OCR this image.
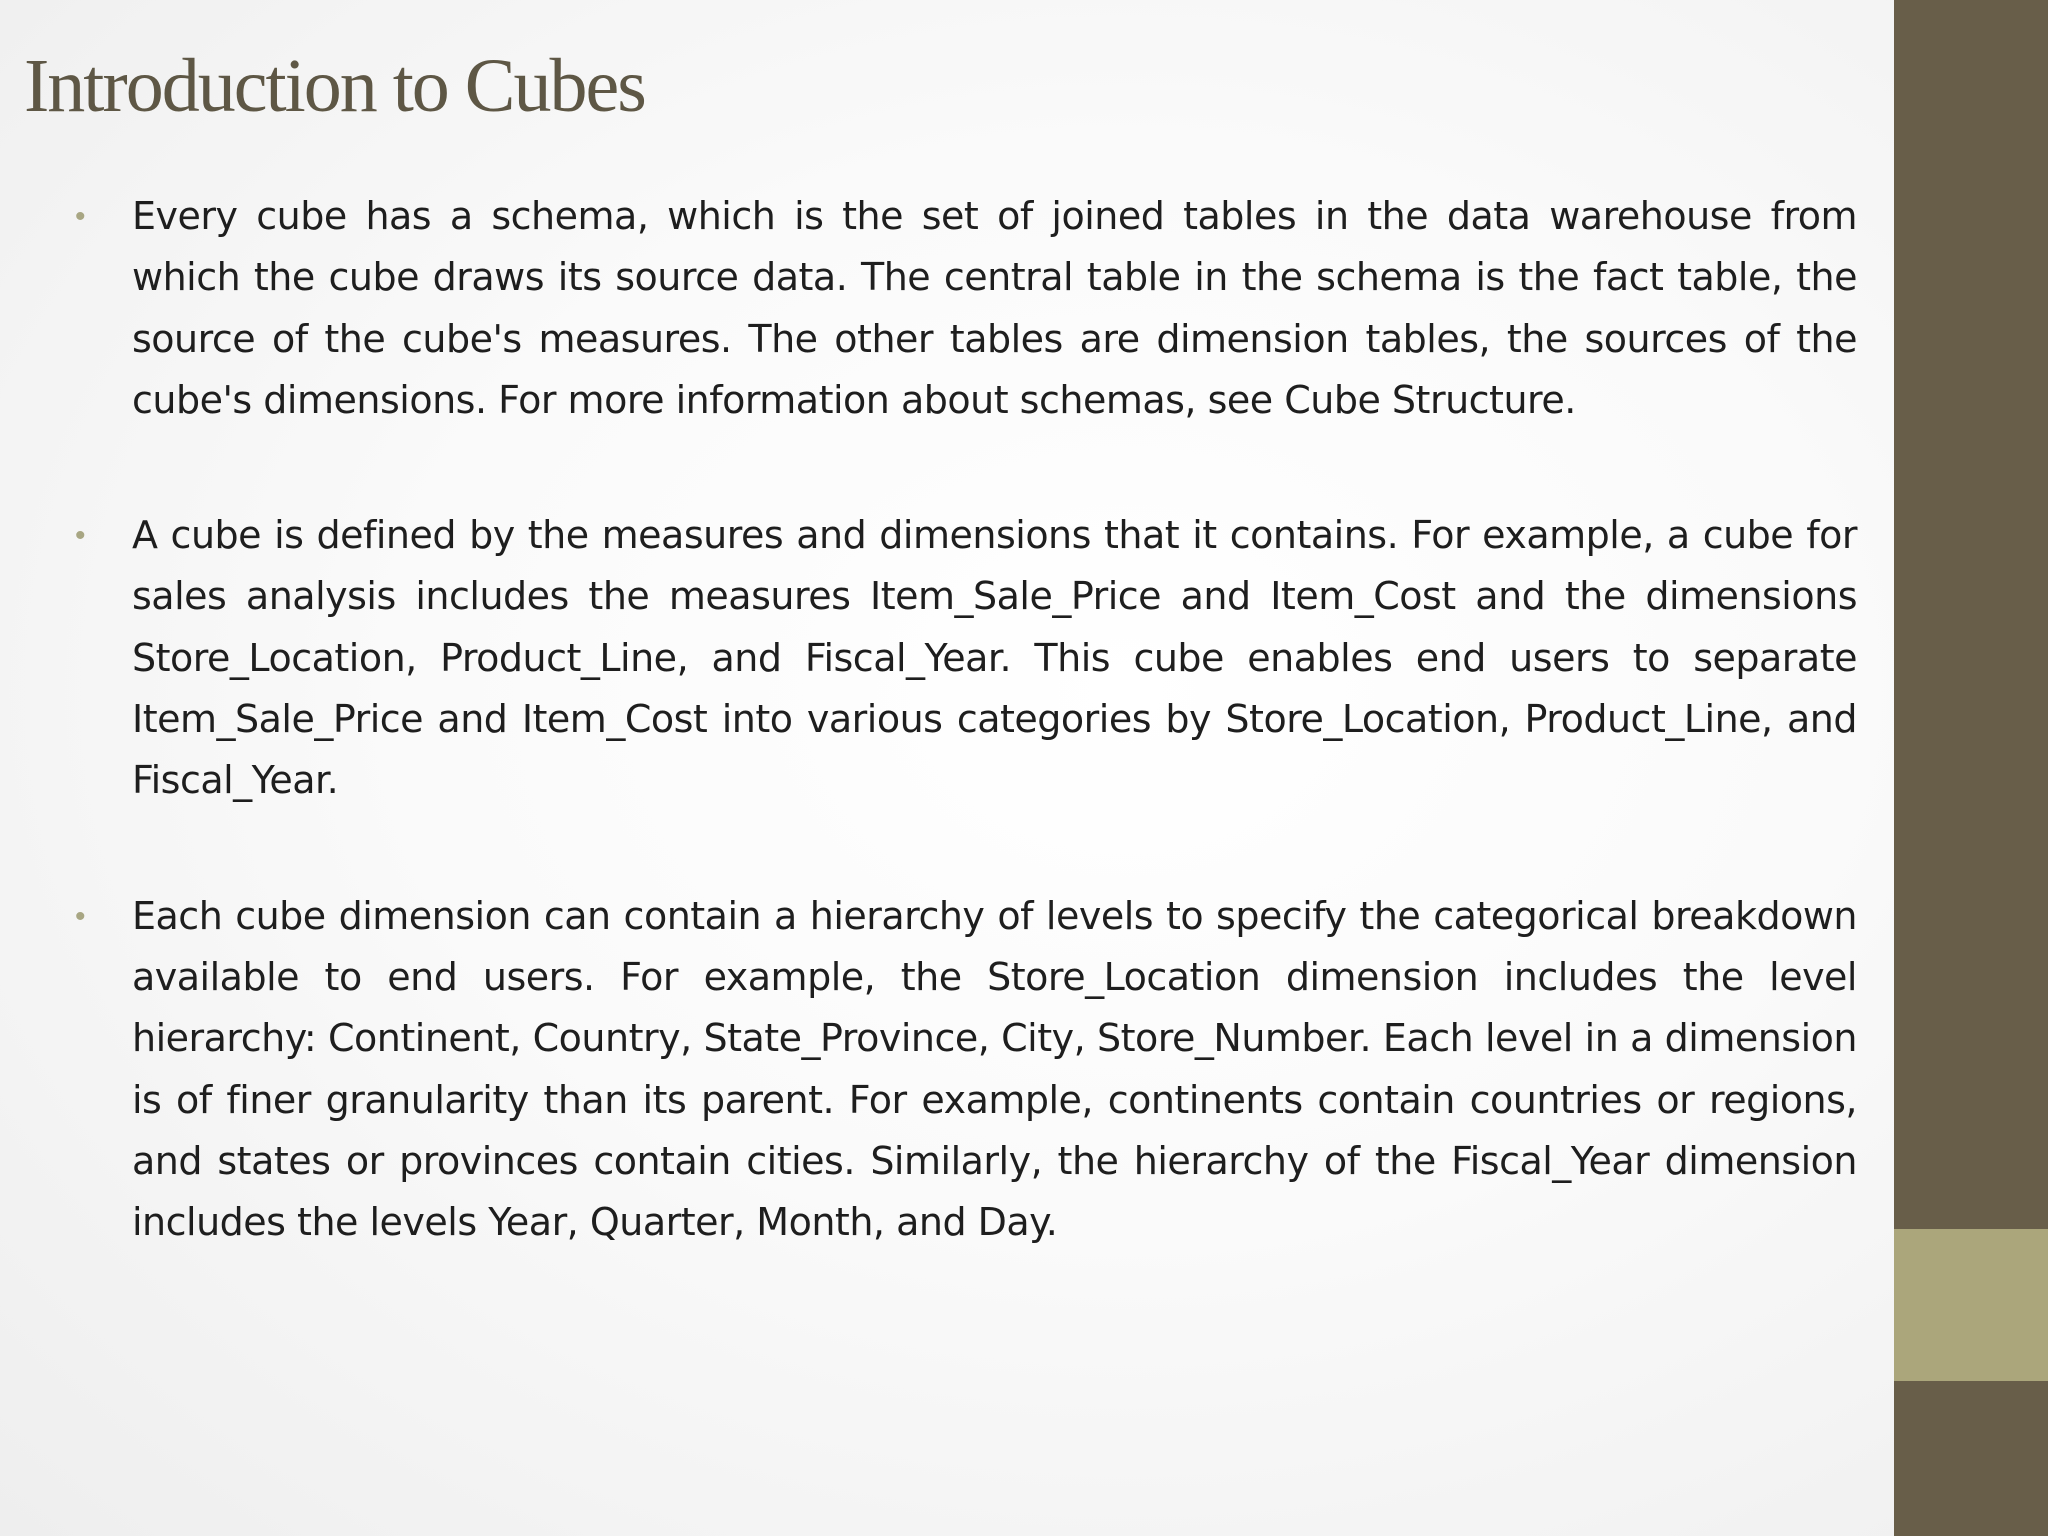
Introduction to Cubes
• Every cube has a schema, which is the set of joined tables in the data warehouse from which the cube draws its source data. The central table in the schema is the fact table, the source of the cube's measures. The other tables are dimension tables, the sources of the cube's dimensions. For more information about schemas, see Cube Structure.
• A cube is defined by the measures and dimensions that it contains. For example, a cube for sales analysis includes the measures Item_Sale_Price and Item_Cost and the dimensions Store_Location, Product_Line, and Fiscal_Year. This cube enables end users to separate Item_Sale_Price and Item_Cost into various categories by Store_Location, Product_Line, and Fiscal_Year.
• Each cube dimension can contain a hierarchy of levels to specify the categorical breakdown available to end users. For example, the Store_Location dimension includes the level hierarchy: Continent, Country, State_Province, City, Store_Number. Each level in a dimension is of finer granularity than its parent. For example, continents contain countries or regions, and states or provinces contain cities. Similarly, the hierarchy of the Fiscal_Year dimension includes the levels Year, Quarter, Month, and Day.
